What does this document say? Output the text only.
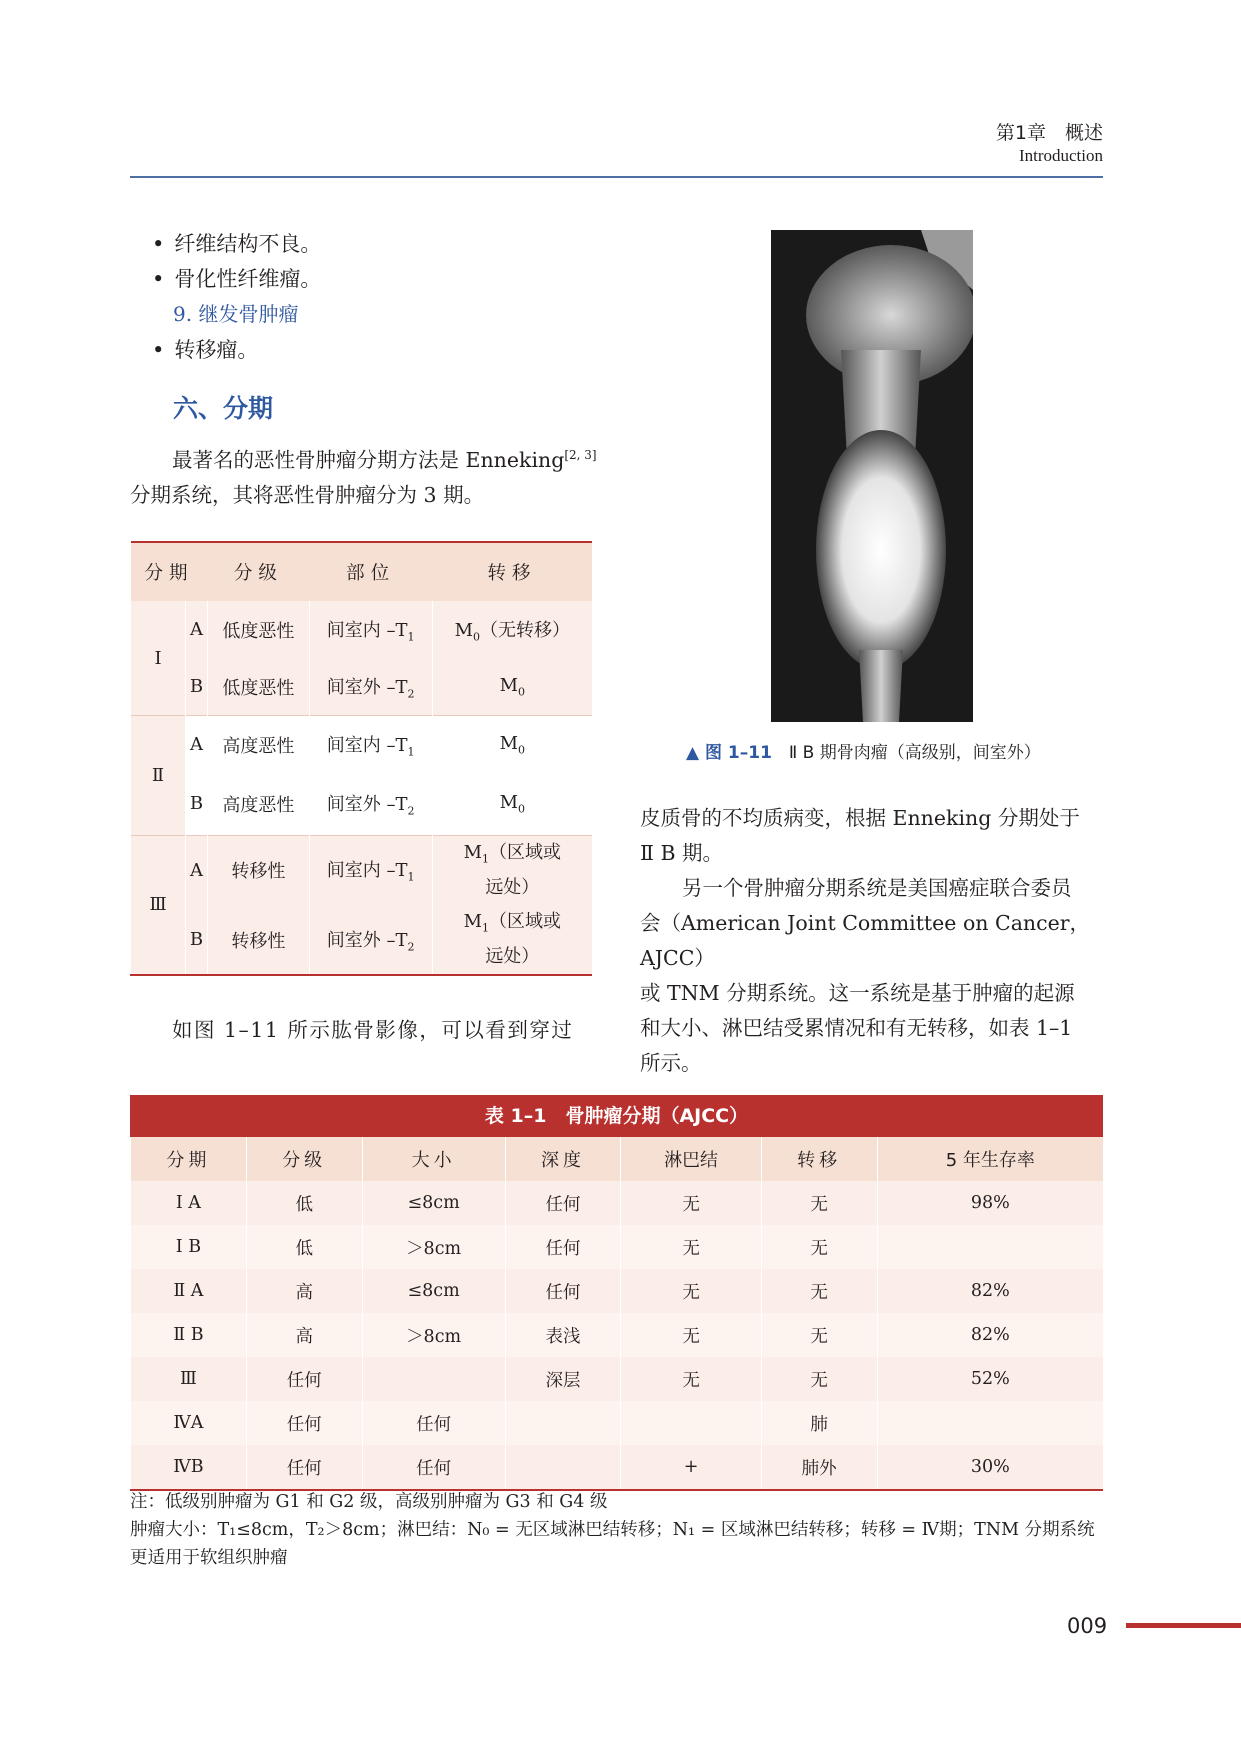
第1章　概述
Introduction
• 纤维结构不良。
• 骨化性纤维瘤。
9. 继发骨肿瘤
• 转移瘤。
六、分期
最著名的恶性骨肿瘤分期方法是 Enneking[2, 3]
分期系统，其将恶性骨肿瘤分为 3 期。
分期		分级	部位	转移
Ⅰ	A	低度恶性	间室内 $-T_1$	$M_0$（无转移）
	B	低度恶性	间室外 $-T_2$	$M_0$
Ⅱ	A	高度恶性	间室内 $-T_1$	$M_0$
	B	高度恶性	间室外 $-T_2$	$M_0$
Ⅲ	A	转移性	间室内 $-T_1$	$M_1$（区域或
远处）
	B	转移性	间室外 $-T_2$	$M_1$（区域或
远处）
如图 1–11 所示肱骨影像，可以看到穿过
▲ 图 1–11　Ⅱ B 期骨肉瘤（高级别，间室外）
皮质骨的不均质病变，根据 Enneking 分期处于
Ⅱ B 期。
另一个骨肿瘤分期系统是美国癌症联合委员
会（American Joint Committee on Cancer，AJCC）
或 TNM 分期系统。这一系统是基于肿瘤的起源
和大小、淋巴结受累情况和有无转移，如表 1–1
所示。
表 1–1　骨肿瘤分期（AJCC）
分期	分级	大小	深度	淋巴结	转移	5 年生存率
Ⅰ A	低	≤8cm	任何	无	无	98%
Ⅰ B	低	＞8cm	任何	无	无	
Ⅱ A	高	≤8cm	任何	无	无	82%
Ⅱ B	高	＞8cm	表浅	无	无	82%
Ⅲ	任何		深层	无	无	52%
ⅣA	任何	任何			肺	
ⅣB	任何	任何		+	肺外	30%
注：低级别肿瘤为 G1 和 G2 级，高级别肿瘤为 G3 和 G4 级
肿瘤大小：T₁≤8cm，T₂＞8cm；淋巴结：N₀ = 无区域淋巴结转移；N₁ = 区域淋巴结转移；转移 = Ⅳ期；TNM 分期系统
更适用于软组织肿瘤
009
